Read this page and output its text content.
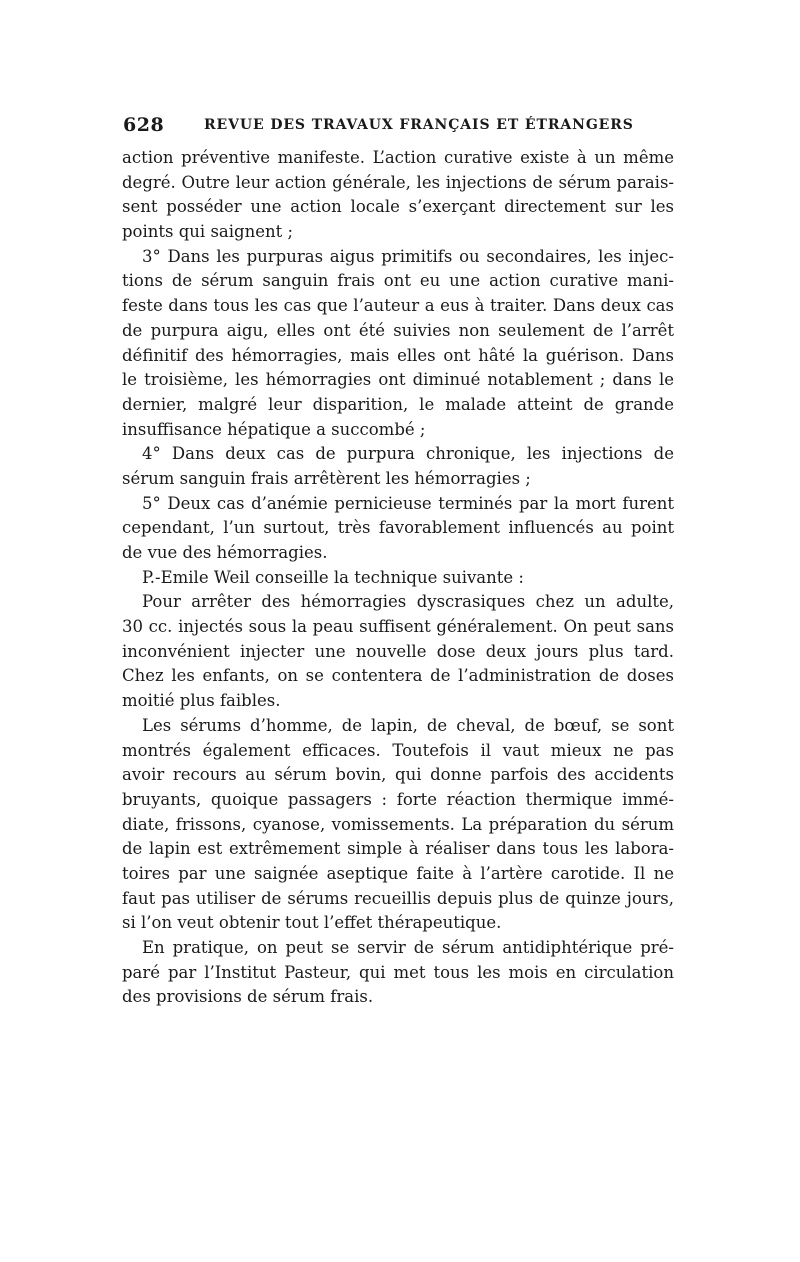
628	REVUE DES TRAVAUX FRANÇAIS ET ÉTRANGERS
action préventive manifeste. L’action curative existe à un même
degré. Outre leur action générale, les injections de sérum parais-
sent posséder une action locale s’exerçant directement sur les
points qui saignent ;
3° Dans les purpuras aigus primitifs ou secondaires, les injec-
tions de sérum sanguin frais ont eu une action curative mani-
feste dans tous les cas que l’auteur a eus à traiter. Dans deux cas
de purpura aigu, elles ont été suivies non seulement de l’arrêt
définitif des hémorragies, mais elles ont hâté la guérison. Dans
le troisième, les hémorragies ont diminué notablement ; dans le
dernier, malgré leur disparition, le malade atteint de grande
insuffisance hépatique a succombé ;
4° Dans deux cas de purpura chronique, les injections de
sérum sanguin frais arrêtèrent les hémorragies ;
5° Deux cas d’anémie pernicieuse terminés par la mort furent
cependant, l’un surtout, très favorablement influencés au point
de vue des hémorragies.
P.-Emile Weil conseille la technique suivante :
Pour arrêter des hémorragies dyscrasiques chez un adulte,
30 cc. injectés sous la peau suffisent généralement. On peut sans
inconvénient injecter une nouvelle dose deux jours plus tard.
Chez les enfants, on se contentera de l’administration de doses
moitié plus faibles.
Les sérums d’homme, de lapin, de cheval, de bœuf, se sont
montrés également efficaces. Toutefois il vaut mieux ne pas
avoir recours au sérum bovin, qui donne parfois des accidents
bruyants, quoique passagers : forte réaction thermique immé-
diate, frissons, cyanose, vomissements. La préparation du sérum
de lapin est extrêmement simple à réaliser dans tous les labora-
toires par une saignée aseptique faite à l’artère carotide. Il ne
faut pas utiliser de sérums recueillis depuis plus de quinze jours,
si l’on veut obtenir tout l’effet thérapeutique.
En pratique, on peut se servir de sérum antidiphtérique pré-
paré par l’Institut Pasteur, qui met tous les mois en circulation
des provisions de sérum frais.
